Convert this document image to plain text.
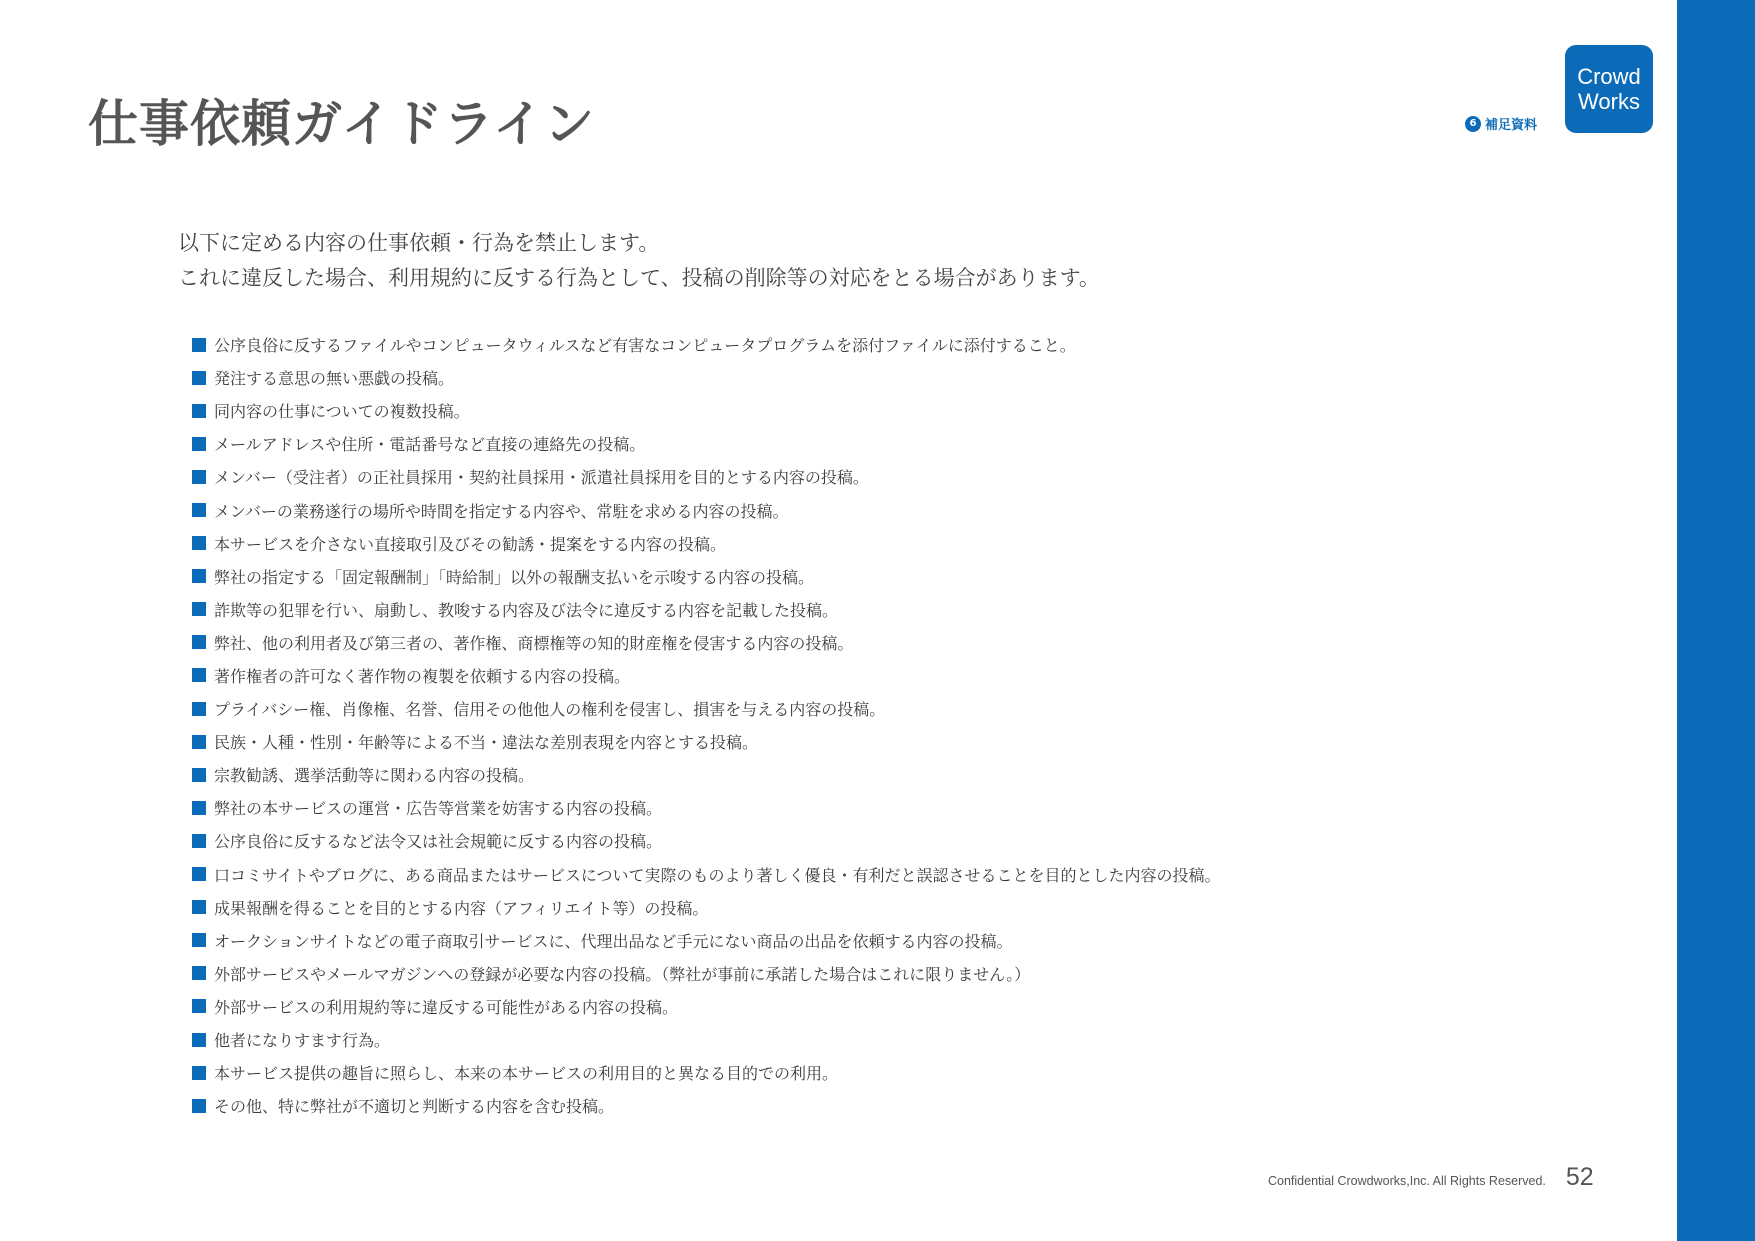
仕事依頼ガイドライン	6 補足資料
Crowd
Works

以下に定める内容の仕事依頼・行為を禁止します。
これに違反した場合、利用規約に反する行為として、投稿の削除等の対応をとる場合があります。

公序良俗に反するファイルやコンピュータウィルスなど有害なコンピュータプログラムを添付ファイルに添付すること。
発注する意思の無い悪戯の投稿。
同内容の仕事についての複数投稿。
メールアドレスや住所・電話番号など直接の連絡先の投稿。
メンバー（受注者）の正社員採用・契約社員採用・派遣社員採用を目的とする内容の投稿。
メンバーの業務遂行の場所や時間を指定する内容や、常駐を求める内容の投稿。
本サービスを介さない直接取引及びその勧誘・提案をする内容の投稿。
弊社の指定する「固定報酬制」「時給制」以外の報酬支払いを示唆する内容の投稿。
詐欺等の犯罪を行い、扇動し、教唆する内容及び法令に違反する内容を記載した投稿。
弊社、他の利用者及び第三者の、著作権、商標権等の知的財産権を侵害する内容の投稿。
著作権者の許可なく著作物の複製を依頼する内容の投稿。
プライバシー権、肖像権、名誉、信用その他他人の権利を侵害し、損害を与える内容の投稿。
民族・人種・性別・年齢等による不当・違法な差別表現を内容とする投稿。
宗教勧誘、選挙活動等に関わる内容の投稿。
弊社の本サービスの運営・広告等営業を妨害する内容の投稿。
公序良俗に反するなど法令又は社会規範に反する内容の投稿。
口コミサイトやブログに、ある商品またはサービスについて実際のものより著しく優良・有利だと誤認させることを目的とした内容の投稿。
成果報酬を得ることを目的とする内容（アフィリエイト等）の投稿。
オークションサイトなどの電子商取引サービスに、代理出品など手元にない商品の出品を依頼する内容の投稿。
外部サービスやメールマガジンへの登録が必要な内容の投稿。（弊社が事前に承諾した場合はこれに限りません。）
外部サービスの利用規約等に違反する可能性がある内容の投稿。
他者になりすます行為。
本サービス提供の趣旨に照らし、本来の本サービスの利用目的と異なる目的での利用。
その他、特に弊社が不適切と判断する内容を含む投稿。
Confidential Crowdworks,Inc. All Rights Reserved. 52
